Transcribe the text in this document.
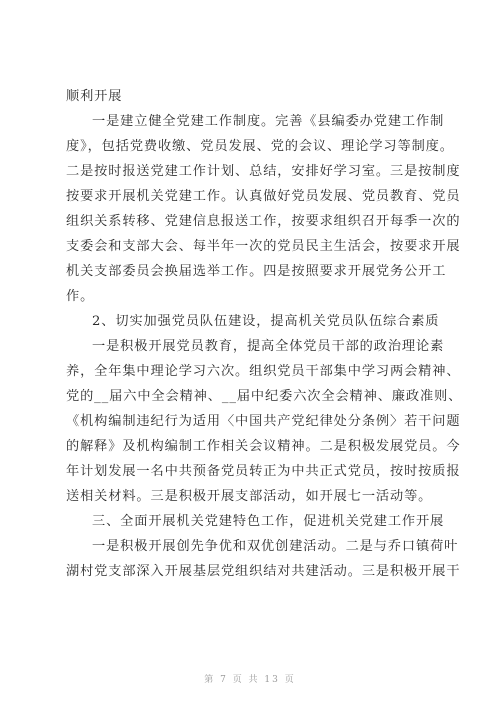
顺利开展
一是建立健全党建工作制度。完善《县编委办党建工作制
度》，包括党费收缴、党员发展、党的会议、理论学习等制度。
二是按时报送党建工作计划、总结，安排好学习室。三是按制度
按要求开展机关党建工作。认真做好党员发展、党员教育、党员
组织关系转移、党建信息报送工作，按要求组织召开每季一次的
支委会和支部大会、每半年一次的党员民主生活会，按要求开展
机关支部委员会换届选举工作。四是按照要求开展党务公开工
作。
2、切实加强党员队伍建设，提高机关党员队伍综合素质
一是积极开展党员教育，提高全体党员干部的政治理论素
养，全年集中理论学习六次。组织党员干部集中学习两会精神、
党的__届六中全会精神、__届中纪委六次全会精神、廉政准则、
《机构编制违纪行为适用〈中国共产党纪律处分条例〉若干问题
的解释》及机构编制工作相关会议精神。二是积极发展党员。今
年计划发展一名中共预备党员转正为中共正式党员，按时按质报
送相关材料。三是积极开展支部活动，如开展七一活动等。
三、全面开展机关党建特色工作，促进机关党建工作开展
一是积极开展创先争优和双优创建活动。二是与乔口镇荷叶
湖村党支部深入开展基层党组织结对共建活动。三是积极开展干
第 7 页 共 13 页
